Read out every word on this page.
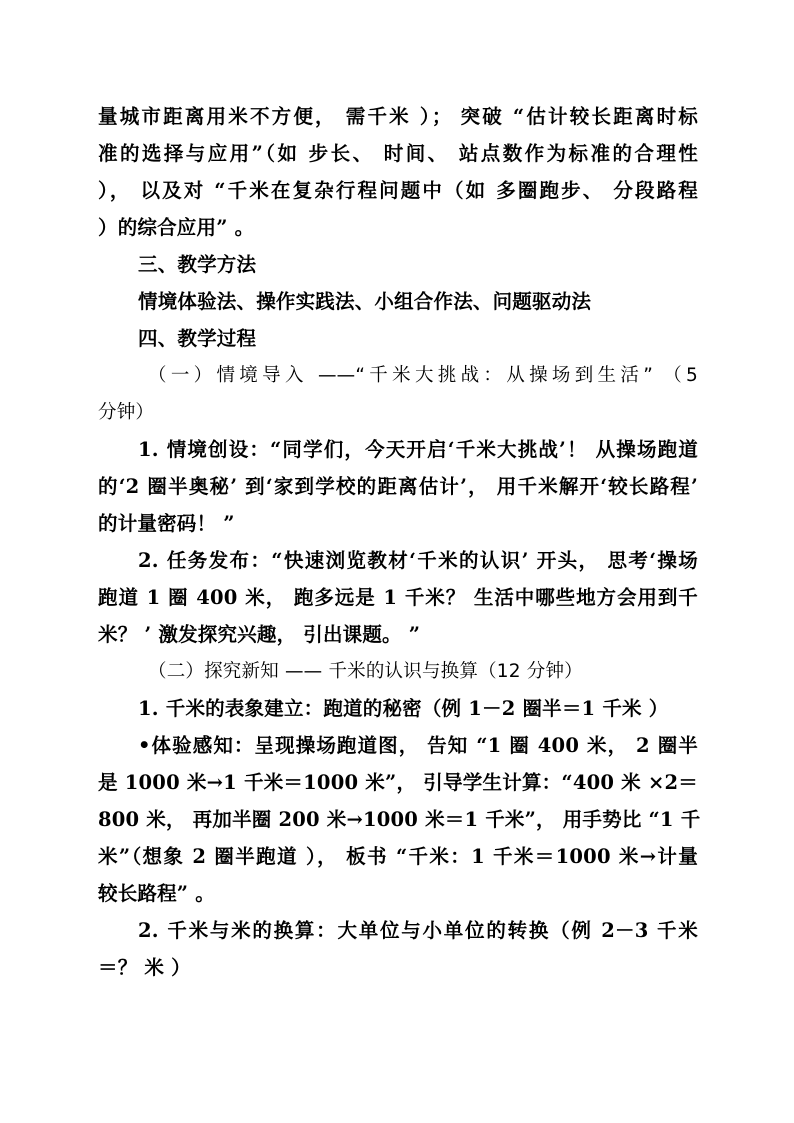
量城市距离用米不方便， 需千米 ）； 突破 “估计较长距离时标
准的选择与应用”（如 步长、 时间、 站点数作为标准的合理性
）， 以及对 “千米在复杂行程问题中（如 多圈跑步、 分段路程
）的综合应用” 。
三、教学方法
情境体验法、操作实践法、小组合作法、问题驱动法
四、教学过程
（一）情境导入 ——“千米大挑战：从操场到生活” （5
分钟）
1. 情境创设：“同学们，今天开启‘千米大挑战’！ 从操场跑道
的‘2 圈半奥秘’ 到‘家到学校的距离估计’， 用千米解开‘较长路程’
的计量密码！ ”
2. 任务发布：“快速浏览教材‘千米的认识’ 开头， 思考‘操场
跑道 1 圈 400 米， 跑多远是 1 千米？ 生活中哪些地方会用到千
米？ ’ 激发探究兴趣， 引出课题。 ”
（二）探究新知 —— 千米的认识与换算（12 分钟）
1. 千米的表象建立：跑道的秘密（例 1－2 圈半＝1 千米 ）
•体验感知：呈现操场跑道图， 告知 “1 圈 400 米， 2 圈半
是 1000 米→1 千米＝1000 米”， 引导学生计算：“400 米 ×2＝
800 米， 再加半圈 200 米→1000 米＝1 千米”， 用手势比 “1 千
米”（想象 2 圈半跑道 ）， 板书 “千米：1 千米＝1000 米→计量
较长路程” 。
2. 千米与米的换算：大单位与小单位的转换（例 2－3 千米
＝？ 米 ）
